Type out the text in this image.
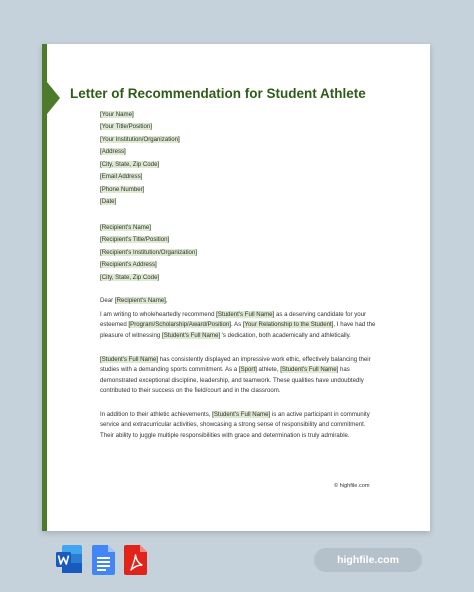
Letter of Recommendation for Student Athlete
[Your Name]
[Your Title/Position]
[Your Institution/Organization]
[Address]
[City, State, Zip Code]
[Email Address]
[Phone Number]
[Date]
[Recipient's Name]
[Recipient's Title/Position]
[Recipient's Institution/Organization]
[Recipient's Address]
[City, State, Zip Code]
Dear [Recipient's Name],

I am writing to wholeheartedly recommend [Student's Full Name] as a deserving candidate for your esteemed [Program/Scholarship/Award/Position]. As [Your Relationship to the Student], I have had the pleasure of witnessing [Student's Full Name] 's dedication, both academically and athletically.

[Student's Full Name] has consistently displayed an impressive work ethic, effectively balancing their studies with a demanding sports commitment. As a [Sport] athlete, [Student's Full Name] has demonstrated exceptional discipline, leadership, and teamwork. These qualities have undoubtedly contributed to their success on the field/court and in the classroom.

In addition to their athletic achievements, [Student's Full Name] is an active participant in community service and extracurricular activities, showcasing a strong sense of responsibility and commitment. Their ability to juggle multiple responsibilities with grace and determination is truly admirable.

© highfile.com
highfile.com
